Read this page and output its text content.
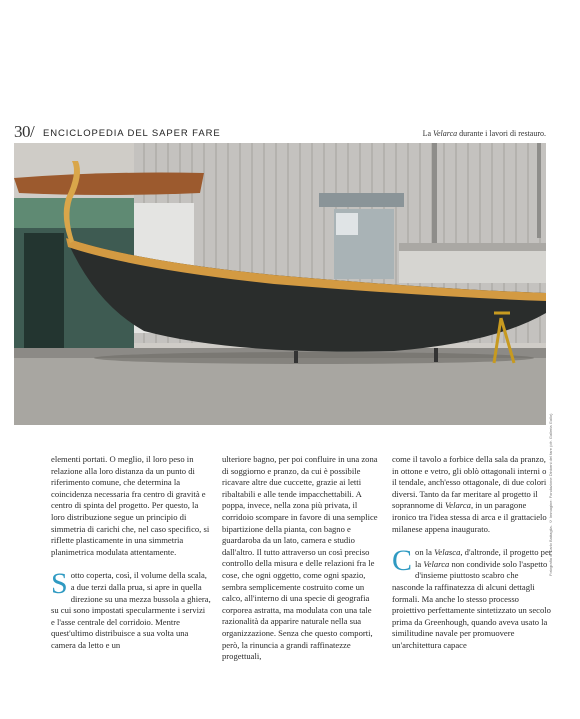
30/ ENCICLOPEDIA DEL SAPER FARE	La Velarca durante i lavori di restauro.
Fotografia di Carlo Battaglia. © Immagine: Fondazione Dintorni del fare (cfr. Galleria Gallo)

elementi portati. O meglio, il loro peso in relazione alla loro distanza da un punto di riferimento comune, che determina la coincidenza necessaria fra centro di gravità e centro di spinta del progetto. Per questo, la loro distribuzione segue un principio di simmetria di carichi che, nel caso specifico, si riflette plasticamente in una simmetria planimetrica modulata attentamente.

Sotto coperta, così, il volume della scala, a due terzi dalla prua, si apre in quella direzione su una mezza bussola a ghiera, su cui sono impostati specularmente i servizi e l'asse centrale del corridoio. Mentre quest'ultimo distribuisce a sua volta una camera da letto e un

ulteriore bagno, per poi confluire in una zona di soggiorno e pranzo, da cui è possibile ricavare altre due cuccette, grazie ai letti ribaltabili e alle tende impacchettabili. A poppa, invece, nella zona più privata, il corridoio scompare in favore di una semplice bipartizione della pianta, con bagno e guardaroba da un lato, camera e studio dall'altro. Il tutto attraverso un così preciso controllo della misura e delle relazioni fra le cose, che ogni oggetto, come ogni spazio, sembra semplicemente costruito come un calco, all'interno di una specie di geografia corporea astratta, ma modulata con una tale razionalità da apparire naturale nella sua organizzazione. Senza che questo comporti, però, la rinuncia a grandi raffinatezze progettuali,

come il tavolo a forbice della sala da pranzo, in ottone e vetro, gli oblò ottagonali interni o il tendale, anch'esso ottagonale, di due colori diversi. Tanto da far meritare al progetto il soprannome di Velarca, in un paragone ironico tra l'idea stessa di arca e il grattacielo milanese appena inaugurato.

Con la Velasca, d'altronde, il progetto per la Velarca non condivide solo l'aspetto d'insieme piuttosto scabro che nasconde la raffinatezza di alcuni dettagli formali. Ma anche lo stesso processo proiettivo perfettamente sintetizzato un secolo prima da Greenhough, quando aveva usato la similitudine navale per promuovere un'architettura capace
